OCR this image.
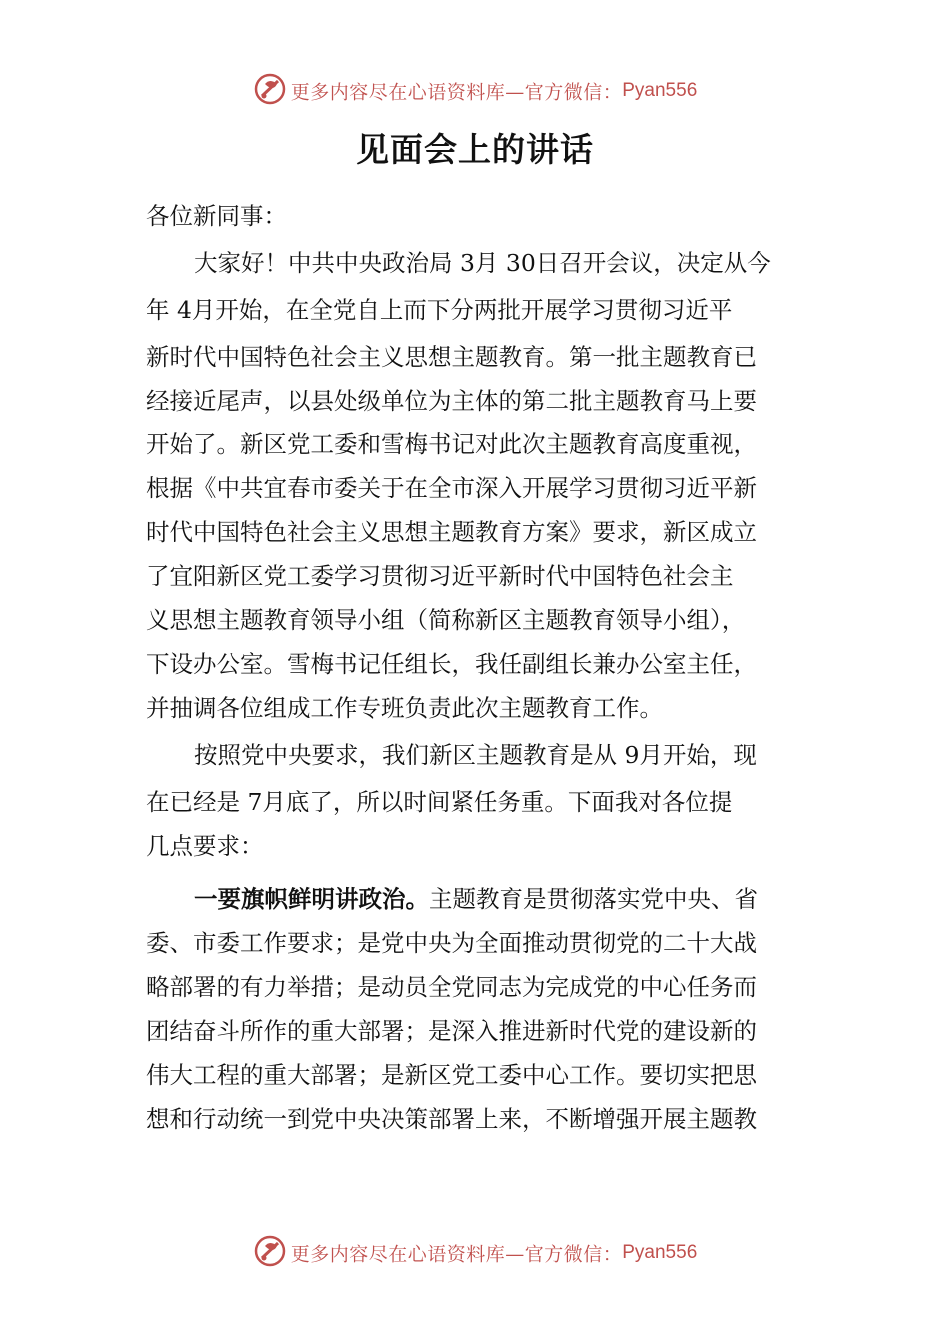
更多内容尽在心语资料库—官方微信：Pyan556
见面会上的讲话
各位新同事：
大家好！中共中央政治局 3月 30日召开会议，决定从今
年 4月开始，在全党自上而下分两批开展学习贯彻习近平
新时代中国特色社会主义思想主题教育。第一批主题教育已
经接近尾声，以县处级单位为主体的第二批主题教育马上要
开始了。新区党工委和雪梅书记对此次主题教育高度重视，
根据《中共宜春市委关于在全市深入开展学习贯彻习近平新
时代中国特色社会主义思想主题教育方案》要求，新区成立
了宜阳新区党工委学习贯彻习近平新时代中国特色社会主
义思想主题教育领导小组（简称新区主题教育领导小组），
下设办公室。雪梅书记任组长，我任副组长兼办公室主任，
并抽调各位组成工作专班负责此次主题教育工作。
按照党中央要求，我们新区主题教育是从 9月开始，现
在已经是 7月底了，所以时间紧任务重。下面我对各位提
几点要求：
一要旗帜鲜明讲政治。主题教育是贯彻落实党中央、省
委、市委工作要求；是党中央为全面推动贯彻党的二十大战
略部署的有力举措；是动员全党同志为完成党的中心任务而
团结奋斗所作的重大部署；是深入推进新时代党的建设新的
伟大工程的重大部署；是新区党工委中心工作。要切实把思
想和行动统一到党中央决策部署上来，不断增强开展主题教
更多内容尽在心语资料库—官方微信：Pyan556
